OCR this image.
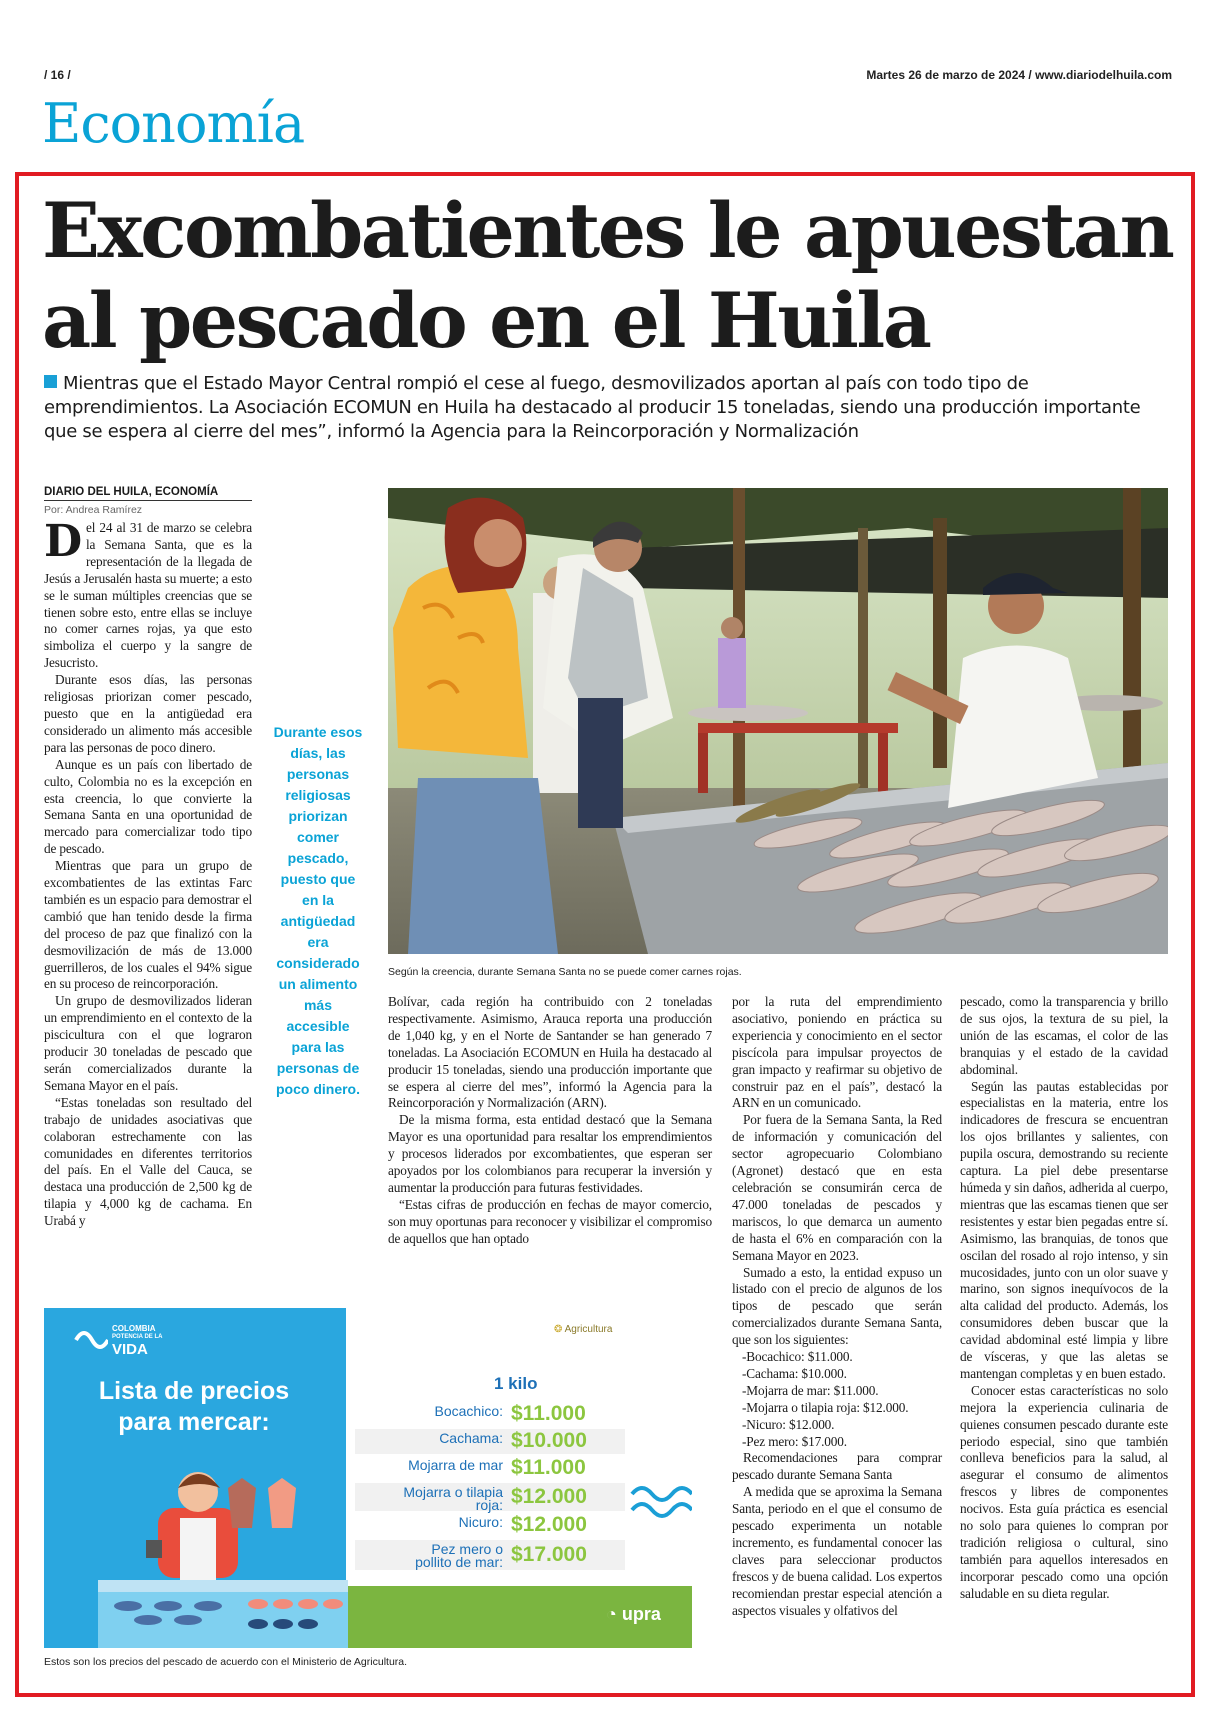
/ 16 /	Martes 26 de marzo de 2024 / www.diariodelhuila.com
Economía
Excombatientes le apuestan
al pescado en el Huila
Mientras que el Estado Mayor Central rompió el cese al fuego, desmovilizados aportan al país con todo tipo de emprendimientos. La Asociación ECOMUN en Huila ha destacado al producir 15 toneladas, siendo una producción importante que se espera al cierre del mes”, informó la Agencia para la Reincorporación y Normalización
DIARIO DEL HUILA, ECONOMÍA
Por: Andrea Ramírez

Del 24 al 31 de marzo se celebra la Semana Santa, que es la representación de la llegada de Jesús a Jerusalén hasta su muerte; a esto se le suman múltiples creencias que se tienen sobre esto, entre ellas se incluye no comer carnes rojas, ya que esto simboliza el cuerpo y la sangre de Jesucristo.

Durante esos días, las personas religiosas priorizan comer pescado, puesto que en la antigüedad era considerado un alimento más accesible para las personas de poco dinero.

Aunque es un país con libertado de culto, Colombia no es la excepción en esta creencia, lo que convierte la Semana Santa en una oportunidad de mercado para comercializar todo tipo de pescado.

Mientras que para un grupo de excombatientes de las extintas Farc también es un espacio para demostrar el cambió que han tenido desde la firma del proceso de paz que finalizó con la desmovilización de más de 13.000 guerrilleros, de los cuales el 94% sigue en su proceso de reincorporación.

Un grupo de desmovilizados lideran un emprendimiento en el contexto de la piscicultura con el que lograron producir 30 toneladas de pescado que serán comercializados durante la Semana Mayor en el país.

“Estas toneladas son resultado del trabajo de unidades asociativas que colaboran estrechamente con las comunidades en diferentes territorios del país. En el Valle del Cauca, se destaca una producción de 2,500 kg de tilapia y 4,000 kg de cachama. En Urabá y

Durante esos días, las personas religiosas priorizan comer pescado, puesto que en la antigüedad era considerado un alimento más accesible para las personas de poco dinero.
Según la creencia, durante Semana Santa no se puede comer carnes rojas.

Bolívar, cada región ha contribuido con 2 toneladas respectivamente. Asimismo, Arauca reporta una producción de 1,040 kg, y en el Norte de Santander se han generado 7 toneladas. La Asociación ECOMUN en Huila ha destacado al producir 15 toneladas, siendo una producción importante que se espera al cierre del mes”, informó la Agencia para la Reincorporación y Normalización (ARN).

De la misma forma, esta entidad destacó que la Semana Mayor es una oportunidad para resaltar los emprendimientos y procesos liderados por excombatientes, que esperan ser apoyados por los colombianos para recuperar la inversión y aumentar la producción para futuras festividades.

“Estas cifras de producción en fechas de mayor comercio, son muy oportunas para reconocer y visibilizar el compromiso de aquellos que han optado

por la ruta del emprendimiento asociativo, poniendo en práctica su experiencia y conocimiento en el sector piscícola para impulsar proyectos de gran impacto y reafirmar su objetivo de construir paz en el país”, destacó la ARN en un comunicado.

Por fuera de la Semana Santa, la Red de información y comunicación del sector agropecuario Colombiano (Agronet) destacó que en esta celebración se consumirán cerca de 47.000 toneladas de pescados y mariscos, lo que demarca un aumento de hasta el 6% en comparación con la Semana Mayor en 2023.

Sumado a esto, la entidad expuso un listado con el precio de algunos de los tipos de pescado que serán comercializados durante Semana Santa, que son los siguientes:

-Bocachico: $11.000.

-Cachama: $10.000.

-Mojarra de mar: $11.000.

-Mojarra o tilapia roja: $12.000.

-Nicuro: $12.000.

-Pez mero: $17.000.

Recomendaciones para comprar pescado durante Semana Santa

A medida que se aproxima la Semana Santa, periodo en el que el consumo de pescado experimenta un notable incremento, es fundamental conocer las claves para seleccionar productos frescos y de buena calidad. Los expertos recomiendan prestar especial atención a aspectos visuales y olfativos del

pescado, como la transparencia y brillo de sus ojos, la textura de su piel, la unión de las escamas, el color de las branquias y el estado de la cavidad abdominal.

Según las pautas establecidas por especialistas en la materia, entre los indicadores de frescura se encuentran los ojos brillantes y salientes, con pupila oscura, demostrando su reciente captura. La piel debe presentarse húmeda y sin daños, adherida al cuerpo, mientras que las escamas tienen que ser resistentes y estar bien pegadas entre sí. Asimismo, las branquias, de tonos que oscilan del rosado al rojo intenso, y sin mucosidades, junto con un olor suave y marino, son signos inequívocos de la alta calidad del producto. Además, los consumidores deben buscar que la cavidad abdominal esté limpia y libre de vísceras, y que las aletas se mantengan completas y en buen estado.

Conocer estas características no solo mejora la experiencia culinaria de quienes consumen pescado durante este periodo especial, sino que también conlleva beneficios para la salud, al asegurar el consumo de alimentos frescos y libres de componentes nocivos. Esta guía práctica es esencial no solo para quienes lo compran por tradición religiosa o cultural, sino también para aquellos interesados en incorporar pescado como una opción saludable en su dieta regular.

COLOMBIA
POTENCIA DE LA
VIDA
Lista de precios
para mercar:
❂ Agricultura
1 kilo
Bocachico: $11.000
Cachama: $10.000
Mojarra de mar $11.000
Mojarra o tilapia roja: $12.000
Nicuro: $12.000
Pez mero o pollito de mar: $17.000
◔ upra
Estos son los precios del pescado de acuerdo con el Ministerio de Agricultura.
